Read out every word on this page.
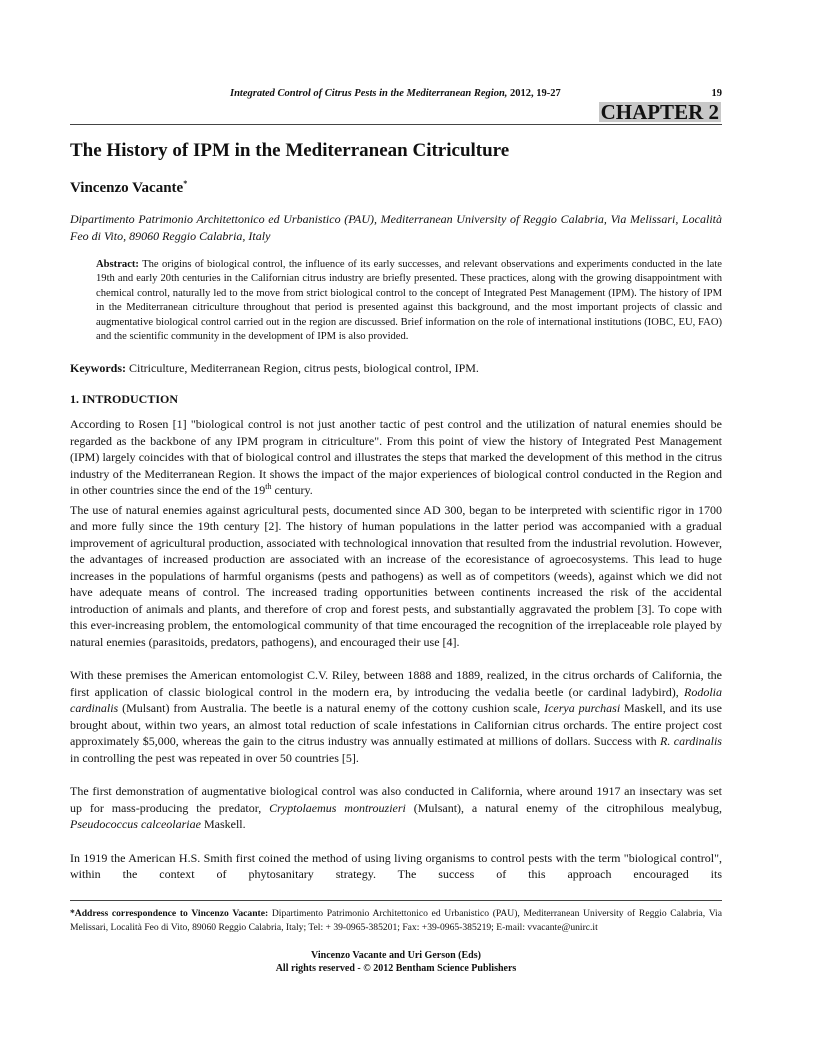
Integrated Control of Citrus Pests in the Mediterranean Region, 2012, 19-27	19
CHAPTER 2
The History of IPM in the Mediterranean Citriculture
Vincenzo Vacante*
Dipartimento Patrimonio Architettonico ed Urbanistico (PAU), Mediterranean University of Reggio Calabria, Via Melissari, Località Feo di Vito, 89060 Reggio Calabria, Italy
Abstract: The origins of biological control, the influence of its early successes, and relevant observations and experiments conducted in the late 19th and early 20th centuries in the Californian citrus industry are briefly presented. These practices, along with the growing disappointment with chemical control, naturally led to the move from strict biological control to the concept of Integrated Pest Management (IPM). The history of IPM in the Mediterranean citriculture throughout that period is presented against this background, and the most important projects of classic and augmentative biological control carried out in the region are discussed. Brief information on the role of international institutions (IOBC, EU, FAO) and the scientific community in the development of IPM is also provided.
Keywords: Citriculture, Mediterranean Region, citrus pests, biological control, IPM.
1. INTRODUCTION

According to Rosen [1] "biological control is not just another tactic of pest control and the utilization of natural enemies should be regarded as the backbone of any IPM program in citriculture". From this point of view the history of Integrated Pest Management (IPM) largely coincides with that of biological control and illustrates the steps that marked the development of this method in the citrus industry of the Mediterranean Region. It shows the impact of the major experiences of biological control conducted in the Region and in other countries since the end of the 19th century.

The use of natural enemies against agricultural pests, documented since AD 300, began to be interpreted with scientific rigor in 1700 and more fully since the 19th century [2]. The history of human populations in the latter period was accompanied with a gradual improvement of agricultural production, associated with technological innovation that resulted from the industrial revolution. However, the advantages of increased production are associated with an increase of the ecoresistance of agroecosystems. This lead to huge increases in the populations of harmful organisms (pests and pathogens) as well as of competitors (weeds), against which we did not have adequate means of control. The increased trading opportunities between continents increased the risk of the accidental introduction of animals and plants, and therefore of crop and forest pests, and substantially aggravated the problem [3]. To cope with this ever-increasing problem, the entomological community of that time encouraged the recognition of the irreplaceable role played by natural enemies (parasitoids, predators, pathogens), and encouraged their use [4].

With these premises the American entomologist C.V. Riley, between 1888 and 1889, realized, in the citrus orchards of California, the first application of classic biological control in the modern era, by introducing the vedalia beetle (or cardinal ladybird), Rodolia cardinalis (Mulsant) from Australia. The beetle is a natural enemy of the cottony cushion scale, Icerya purchasi Maskell, and its use brought about, within two years, an almost total reduction of scale infestations in Californian citrus orchards. The entire project cost approximately $5,000, whereas the gain to the citrus industry was annually estimated at millions of dollars. Success with R. cardinalis in controlling the pest was repeated in over 50 countries [5].

The first demonstration of augmentative biological control was also conducted in California, where around 1917 an insectary was set up for mass-producing the predator, Cryptolaemus montrouzieri (Mulsant), a natural enemy of the citrophilous mealybug, Pseudococcus calceolariae Maskell.

In 1919 the American H.S. Smith first coined the method of using living organisms to control pests with the term "biological control", within the context of phytosanitary strategy. The success of this approach encouraged its

*Address correspondence to Vincenzo Vacante: Dipartimento Patrimonio Architettonico ed Urbanistico (PAU), Mediterranean University of Reggio Calabria, Via Melissari, Località Feo di Vito, 89060 Reggio Calabria, Italy; Tel: + 39-0965-385201; Fax: +39-0965-385219; E-mail: vvacante@unirc.it
Vincenzo Vacante and Uri Gerson (Eds)
All rights reserved - © 2012 Bentham Science Publishers
